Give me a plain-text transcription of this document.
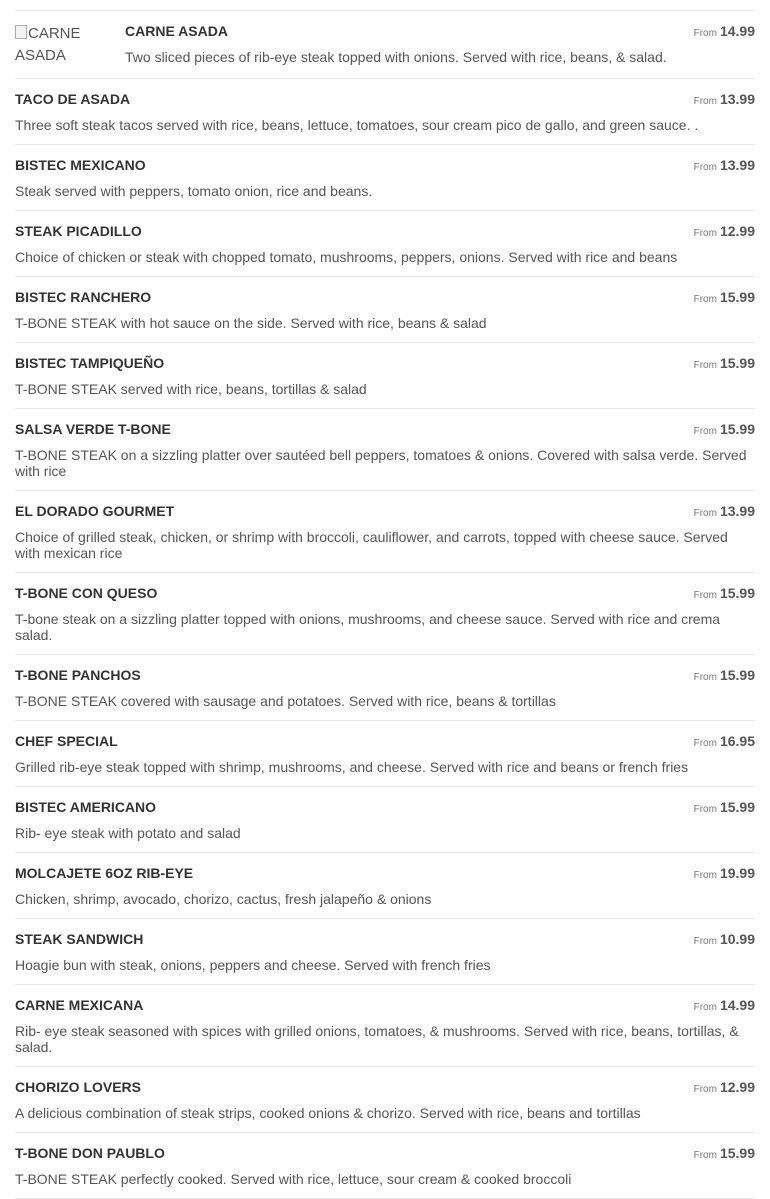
CARNE ASADA
CARNE ASADA	From 14.99
Two sliced pieces of rib-eye steak topped with onions. Served with rice, beans, & salad.
TACO DE ASADA	From 13.99
Three soft steak tacos served with rice, beans, lettuce, tomatoes, sour cream pico de gallo, and green sauce. .
BISTEC MEXICANO	From 13.99
Steak served with peppers, tomato onion, rice and beans.
STEAK PICADILLO	From 12.99
Choice of chicken or steak with chopped tomato, mushrooms, peppers, onions. Served with rice and beans
BISTEC RANCHERO	From 15.99
T-BONE STEAK with hot sauce on the side. Served with rice, beans & salad
BISTEC TAMPIQUEÑO	From 15.99
T-BONE STEAK served with rice, beans, tortillas & salad
SALSA VERDE T-BONE	From 15.99
T-BONE STEAK on a sizzling platter over sautéed bell peppers, tomatoes & onions. Covered with salsa verde. Served with rice
EL DORADO GOURMET	From 13.99
Choice of grilled steak, chicken, or shrimp with broccoli, cauliflower, and carrots, topped with cheese sauce. Served with mexican rice
T-BONE CON QUESO	From 15.99
T-bone steak on a sizzling platter topped with onions, mushrooms, and cheese sauce. Served with rice and crema salad.
T-BONE PANCHOS	From 15.99
T-BONE STEAK covered with sausage and potatoes. Served with rice, beans & tortillas
CHEF SPECIAL	From 16.95
Grilled rib-eye steak topped with shrimp, mushrooms, and cheese. Served with rice and beans or french fries
BISTEC AMERICANO	From 15.99
Rib- eye steak with potato and salad
MOLCAJETE 6OZ RIB-EYE	From 19.99
Chicken, shrimp, avocado, chorizo, cactus, fresh jalapeño & onions
STEAK SANDWICH	From 10.99
Hoagie bun with steak, onions, peppers and cheese. Served with french fries
CARNE MEXICANA	From 14.99
Rib- eye steak seasoned with spices with grilled onions, tomatoes, & mushrooms. Served with rice, beans, tortillas, & salad.
CHORIZO LOVERS	From 12.99
A delicious combination of steak strips, cooked onions & chorizo. Served with rice, beans and tortillas
T-BONE DON PAUBLO	From 15.99
T-BONE STEAK perfectly cooked. Served with rice, lettuce, sour cream & cooked broccoli
